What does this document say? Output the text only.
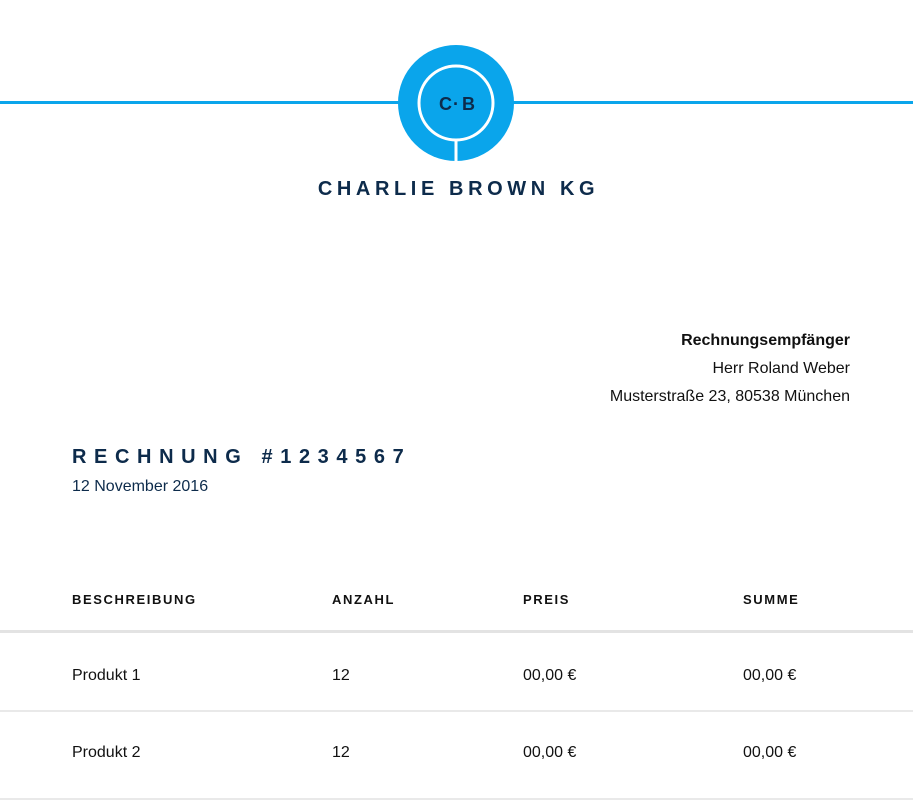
C · B
CHARLIE BROWN KG
Rechnungsempfänger
Herr Roland Weber
Musterstraße 23, 80538 München
RECHNUNG #1234567
12 November 2016
BESCHREIBUNG	ANZAHL	PREIS	SUMME
Produkt 1	12	00,00 €	00,00 €
Produkt 2	12	00,00 €	00,00 €
